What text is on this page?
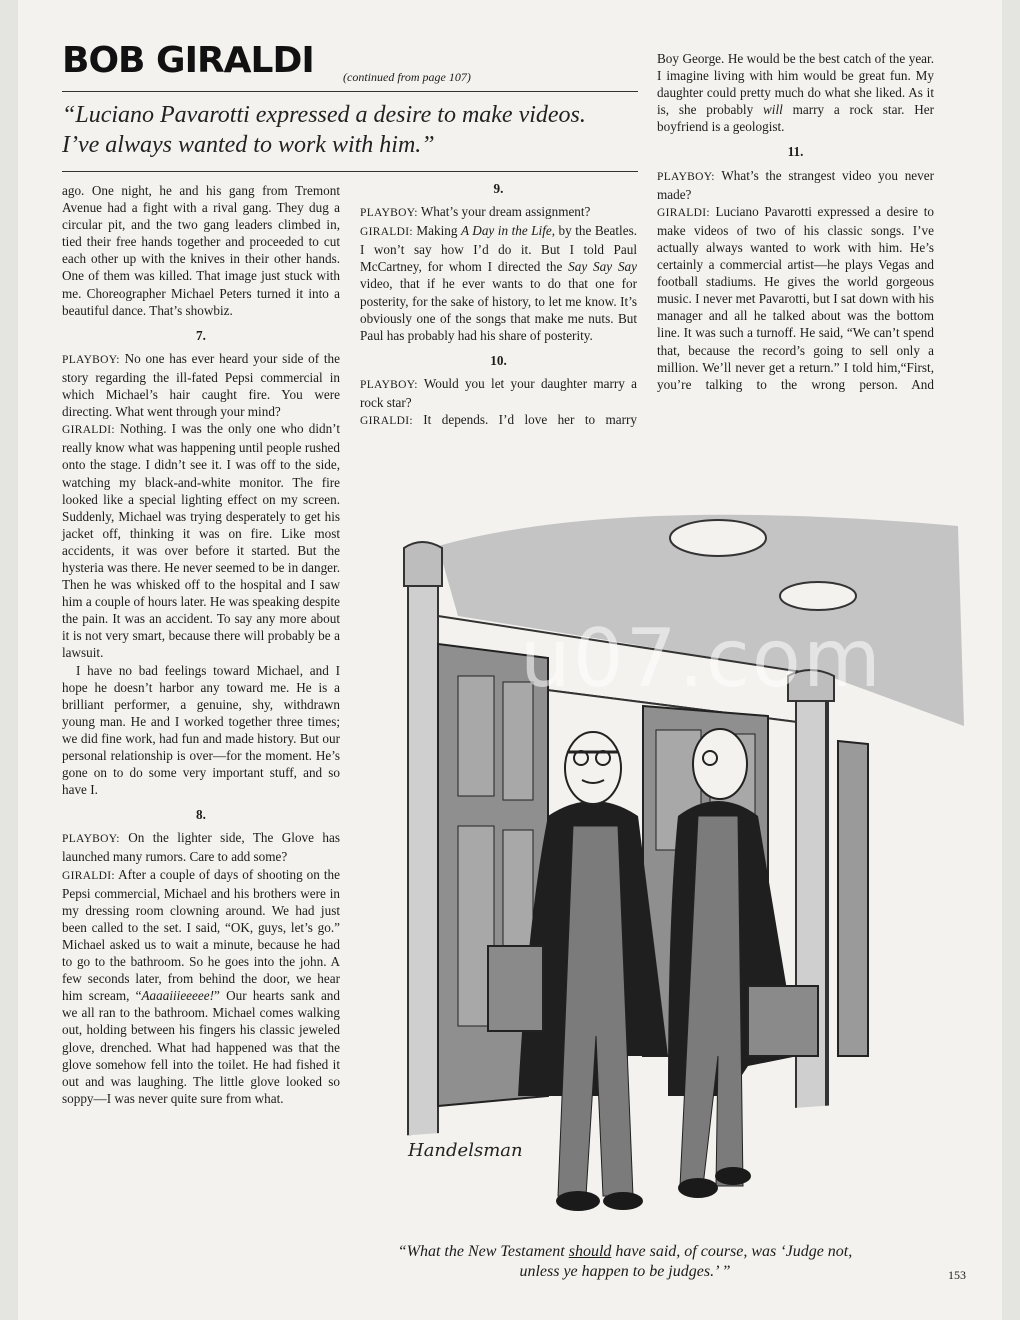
BOB GIRALDI (continued from page 107)
“Luciano Pavarotti expressed a desire to make videos.
I’ve always wanted to work with him.”

ago. One night, he and his gang from Tremont Avenue had a fight with a rival gang. They dug a circular pit, and the two gang leaders climbed in, tied their free hands together and proceeded to cut each other up with the knives in their other hands. One of them was killed. That image just stuck with me. Choreographer Michael Peters turned it into a beautiful dance. That’s showbiz.

7.

PLAYBOY: No one has ever heard your side of the story regarding the ill-fated Pepsi commercial in which Michael’s hair caught fire. You were directing. What went through your mind?

GIRALDI: Nothing. I was the only one who didn’t really know what was happening until people rushed onto the stage. I didn’t see it. I was off to the side, watching my black-and-white monitor. The fire looked like a special lighting effect on my screen. Suddenly, Michael was trying desperately to get his jacket off, thinking it was on fire. Like most accidents, it was over before it started. But the hysteria was there. He never seemed to be in danger. Then he was whisked off to the hospital and I saw him a couple of hours later. He was speaking despite the pain. It was an accident. To say any more about it is not very smart, because there will probably be a lawsuit.

I have no bad feelings toward Michael, and I hope he doesn’t harbor any toward me. He is a brilliant performer, a genuine, shy, withdrawn young man. He and I worked together three times; we did fine work, had fun and made history. But our personal relationship is over—for the moment. He’s gone on to do some very important stuff, and so have I.

8.

PLAYBOY: On the lighter side, The Glove has launched many rumors. Care to add some?

GIRALDI: After a couple of days of shooting on the Pepsi commercial, Michael and his brothers were in my dressing room clowning around. We had just been called to the set. I said, “OK, guys, let’s go.” Michael asked us to wait a minute, because he had to go to the bathroom. So he goes into the john. A few seconds later, from behind the door, we hear him scream, “Aaaaiiieeeee!” Our hearts sank and we all ran to the bathroom. Michael comes walking out, holding between his fingers his classic jeweled glove, drenched. What had happened was that the glove somehow fell into the toilet. He had fished it out and was laughing. The little glove looked so soppy—I was never quite sure from what.

9.

PLAYBOY: What’s your dream assignment?

GIRALDI: Making A Day in the Life, by the Beatles. I won’t say how I’d do it. But I told Paul McCartney, for whom I directed the Say Say Say video, that if he ever wants to do that one for posterity, for the sake of history, to let me know. It’s obviously one of the songs that make me nuts. But Paul has probably had his share of posterity.

10.

PLAYBOY: Would you let your daughter marry a rock star?

GIRALDI: It depends. I’d love her to marry

Boy George. He would be the best catch of the year. I imagine living with him would be great fun. My daughter could pretty much do what she liked. As it is, she probably will marry a rock star. Her boyfriend is a geologist.

11.

PLAYBOY: What’s the strangest video you never made?

GIRALDI: Luciano Pavarotti expressed a desire to make videos of two of his classic songs. I’ve actually always wanted to work with him. He’s certainly a commercial artist—he plays Vegas and football stadiums. He gives the world gorgeous music. I never met Pavarotti, but I sat down with his manager and all he talked about was the bottom line. It was such a turnoff. He said, “We can’t spend that, because the record’s going to sell only a million. We’ll never get a return.” I told him,“First, you’re talking to the wrong person. And

Handelsman
u07.com
“What the New Testament should have said, of course, was ‘Judge not, unless ye happen to be judges.’ ”	153
